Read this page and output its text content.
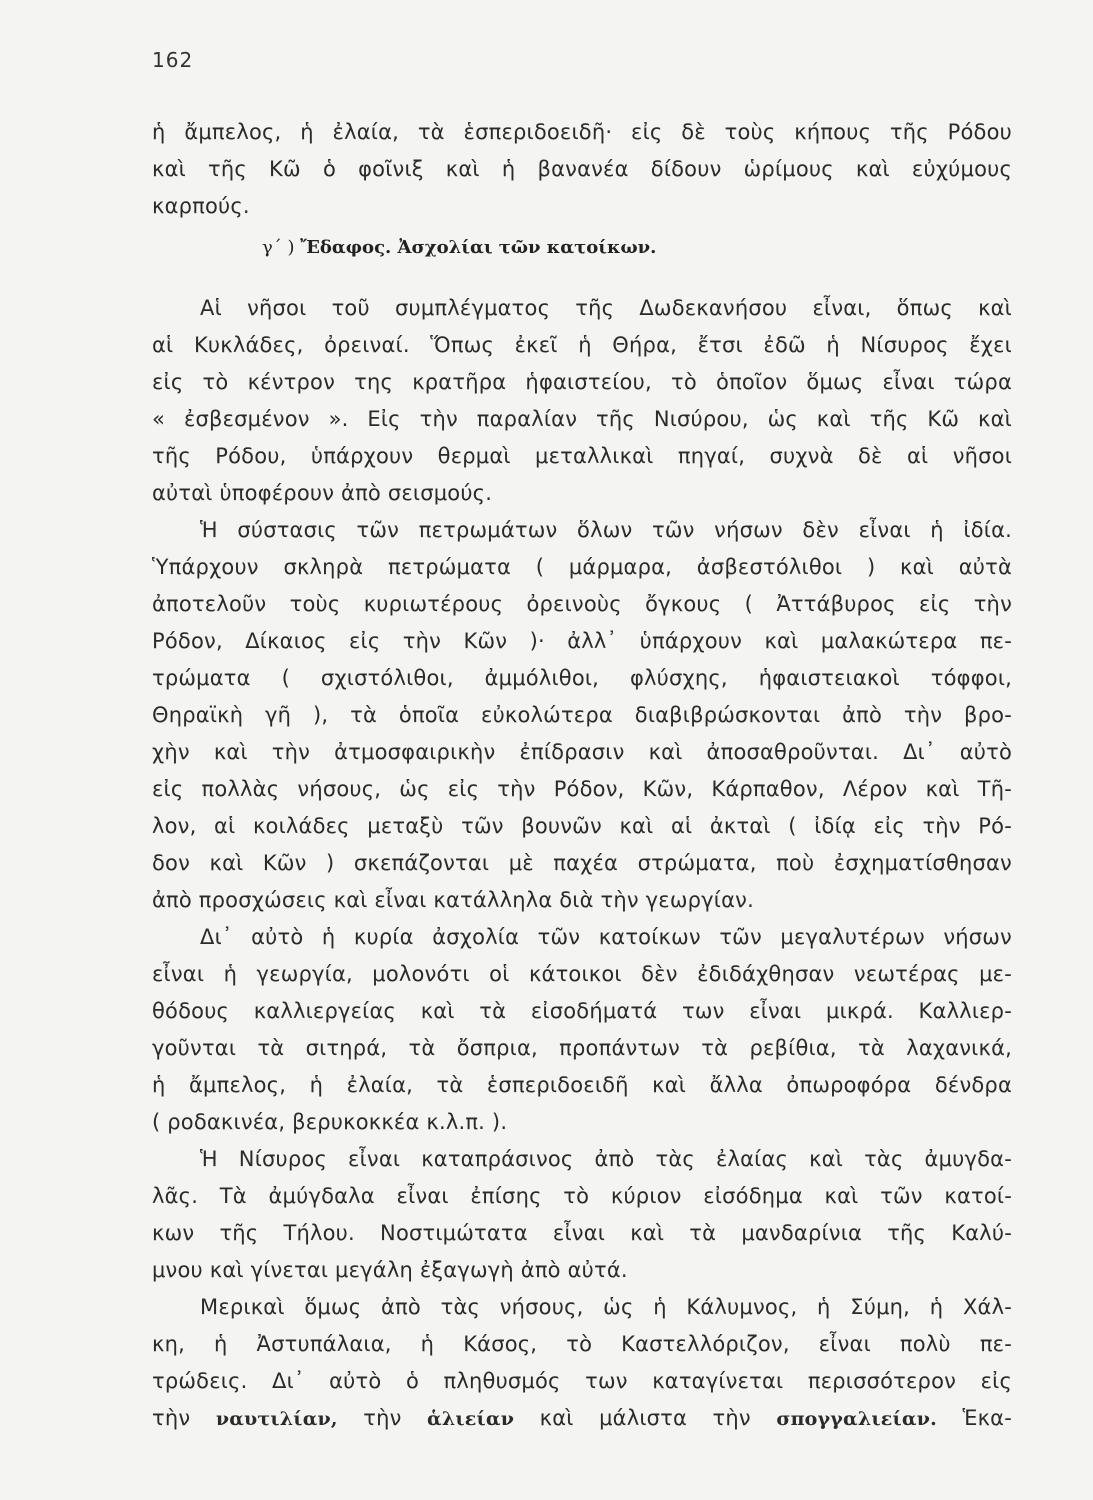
162
ἡ ἄμπελος, ἡ ἐλαία, τὰ ἑσπεριδοειδῆ· εἰς δὲ τοὺς κήπους τῆς Ρόδου
καὶ τῆς Κῶ ὁ φοῖνιξ καὶ ἡ βανανέα δίδουν ὡρίμους καὶ εὐχύμους
καρπούς.
γ΄ ) Ἔδαφος. Ἀσχολίαι τῶν κατοίκων.
Αἱ νῆσοι τοῦ συμπλέγματος τῆς Δωδεκανήσου εἶναι, ὅπως καὶ
αἱ Κυκλάδες, ὀρειναί. Ὅπως ἐκεῖ ἡ Θήρα, ἔτσι ἐδῶ ἡ Νίσυρος ἔχει
εἰς τὸ κέντρον της κρατῆρα ἡφαιστείου, τὸ ὁποῖον ὅμως εἶναι τώρα
« ἐσβεσμένον ». Εἰς τὴν παραλίαν τῆς Νισύρου, ὡς καὶ τῆς Κῶ καὶ
τῆς Ρόδου, ὑπάρχουν θερμαὶ μεταλλικαὶ πηγαί, συχνὰ δὲ αἱ νῆσοι
αὐταὶ ὑποφέρουν ἀπὸ σεισμούς.
Ἡ σύστασις τῶν πετρωμάτων ὅλων τῶν νήσων δὲν εἶναι ἡ ἰδία.
Ὑπάρχουν σκληρὰ πετρώματα ( μάρμαρα, ἀσβεστόλιθοι ) καὶ αὐτὰ
ἀποτελοῦν τοὺς κυριωτέρους ὀρεινοὺς ὄγκους ( Ἀττάβυρος εἰς τὴν
Ρόδον, Δίκαιος εἰς τὴν Κῶν )· ἀλλ᾽ ὑπάρχουν καὶ μαλακώτερα πε-
τρώματα ( σχιστόλιθοι, ἀμμόλιθοι, φλύσχης, ἡφαιστειακοὶ τόφφοι,
Θηραϊκὴ γῆ ), τὰ ὁποῖα εὐκολώτερα διαβιβρώσκονται ἀπὸ τὴν βρο-
χὴν καὶ τὴν ἀτμοσφαιρικὴν ἐπίδρασιν καὶ ἀποσαθροῦνται. Δι᾽ αὐτὸ
εἰς πολλὰς νήσους, ὡς εἰς τὴν Ρόδον, Κῶν, Κάρπαθον, Λέρον καὶ Τῆ-
λον, αἱ κοιλάδες μεταξὺ τῶν βουνῶν καὶ αἱ ἀκταὶ ( ἰδίᾳ εἰς τὴν Ρό-
δον καὶ Κῶν ) σκεπάζονται μὲ παχέα στρώματα, ποὺ ἐσχηματίσθησαν
ἀπὸ προσχώσεις καὶ εἶναι κατάλληλα διὰ τὴν γεωργίαν.
Δι᾽ αὐτὸ ἡ κυρία ἀσχολία τῶν κατοίκων τῶν μεγαλυτέρων νήσων
εἶναι ἡ γεωργία, μολονότι οἱ κάτοικοι δὲν ἐδιδάχθησαν νεωτέρας με-
θόδους καλλιεργείας καὶ τὰ εἰσοδήματά των εἶναι μικρά. Καλλιερ-
γοῦνται τὰ σιτηρά, τὰ ὄσπρια, προπάντων τὰ ρεβίθια, τὰ λαχανικά,
ἡ ἄμπελος, ἡ ἐλαία, τὰ ἑσπεριδοειδῆ καὶ ἄλλα ὀπωροφόρα δένδρα
( ροδακινέα, βερυκοκκέα κ.λ.π. ).
Ἡ Νίσυρος εἶναι καταπράσινος ἀπὸ τὰς ἐλαίας καὶ τὰς ἀμυγδα-
λᾶς. Τὰ ἀμύγδαλα εἶναι ἐπίσης τὸ κύριον εἰσόδημα καὶ τῶν κατοί-
κων τῆς Τήλου. Νοστιμώτατα εἶναι καὶ τὰ μανδαρίνια τῆς Καλύ-
μνου καὶ γίνεται μεγάλη ἐξαγωγὴ ἀπὸ αὐτά.
Μερικαὶ ὅμως ἀπὸ τὰς νήσους, ὡς ἡ Κάλυμνος, ἡ Σύμη, ἡ Χάλ-
κη, ἡ Ἀστυπάλαια, ἡ Κάσος, τὸ Καστελλόριζον, εἶναι πολὺ πε-
τρώδεις. Δι᾽ αὐτὸ ὁ πληθυσμός των καταγίνεται περισσότερον εἰς
τὴν ναυτιλίαν, τὴν ἁλιείαν καὶ μάλιστα τὴν σπογγαλιείαν. Ἑκα-
